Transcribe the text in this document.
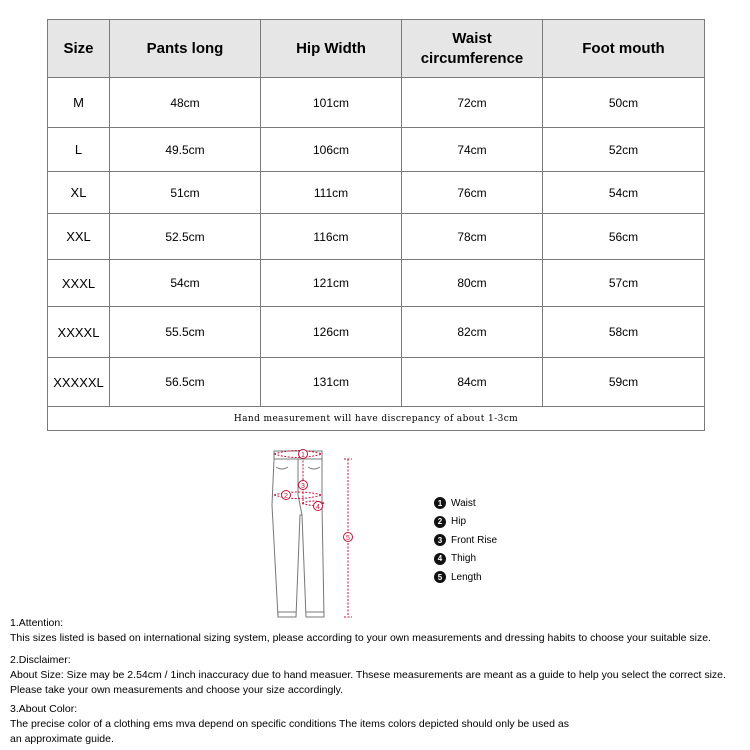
Size	Pants long	Hip Width	Waist circumference	Foot mouth
M	48cm	101cm	72cm	50cm
L	49.5cm	106cm	74cm	52cm
XL	51cm	111cm	76cm	54cm
XXL	52.5cm	116cm	78cm	56cm
XXXL	54cm	121cm	80cm	57cm
XXXXL	55.5cm	126cm	82cm	58cm
XXXXXL	56.5cm	131cm	84cm	59cm
Hand measurement will have discrepancy of about 1-3cm				
1
2
3
4
5
1 Waist
2 Hip
3 Front Rise
4 Thigh
5 Length

1.Attention:

This sizes listed is based on international sizing system, please according to your own measurements and dressing habits to choose your suitable size.

2.Disclaimer:

About Size: Size may be 2.54cm / 1inch inaccuracy due to hand measuer. Thsese measurements are meant as a guide to help you select the correct size.

Please take your own measurements and choose your size accordingly.

3.About Color:

The precise color of a clothing ems mva depend on specific conditions The items colors depicted should only be used as

an approximate guide.
